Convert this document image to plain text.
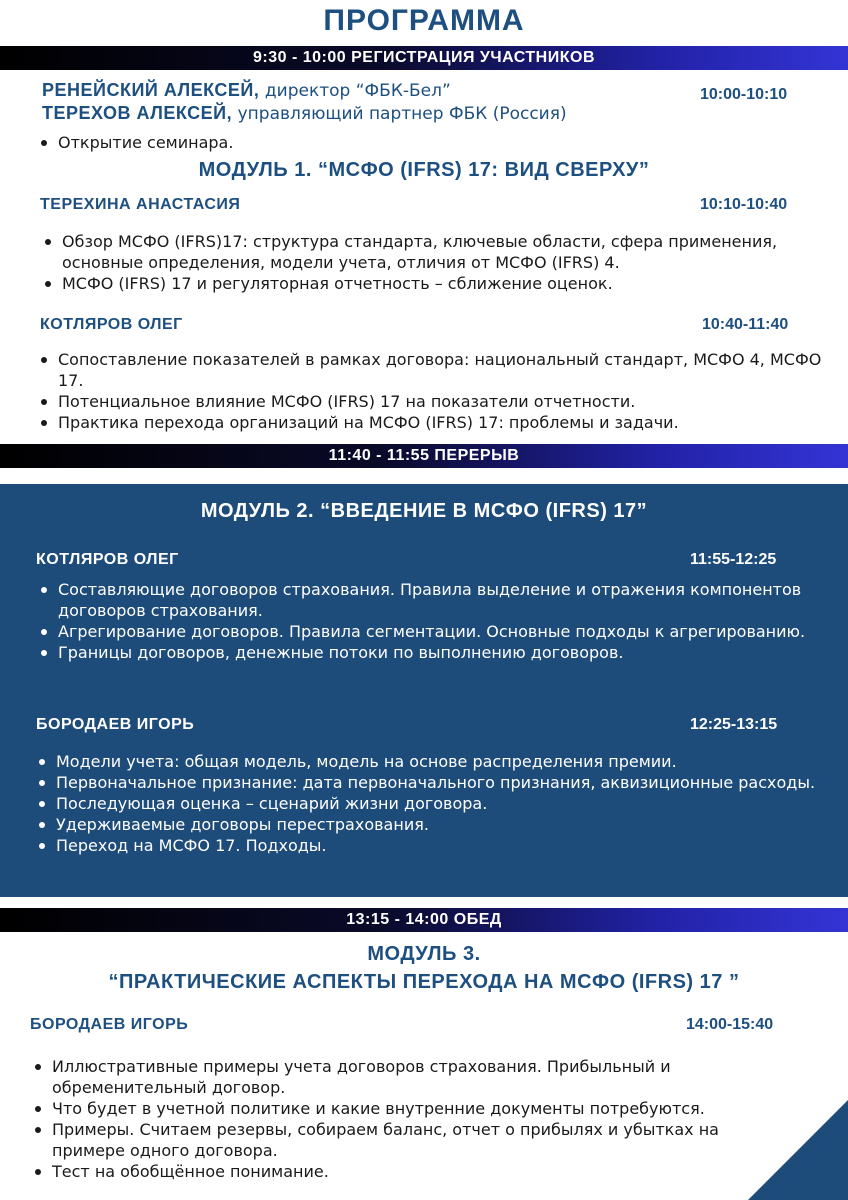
ПРОГРАММА
9:30 - 10:00 РЕГИСТРАЦИЯ УЧАСТНИКОВ
РЕНЕЙСКИЙ АЛЕКСЕЙ, директор “ФБК-Бел”
ТЕРЕХОВ АЛЕКСЕЙ, управляющий партнер ФБК (Россия)
10:00-10:10
Открытие семинара.
МОДУЛЬ 1. “МСФО (IFRS) 17: ВИД СВЕРХУ”
ТЕРЕХИНА АНАСТАСИЯ	10:10-10:40
Обзор МСФО (IFRS)17: структура стандарта, ключевые области, сфера применения, основные определения, модели учета, отличия от МСФО (IFRS) 4.
МСФО (IFRS) 17 и регуляторная отчетность – сближение оценок.
КОТЛЯРОВ ОЛЕГ	10:40-11:40
Сопоставление показателей в рамках договора: национальный стандарт, МСФО 4, МСФО 17.
Потенциальное влияние МСФО (IFRS) 17 на показатели отчетности.
Практика перехода организаций на МСФО (IFRS) 17: проблемы и задачи.
11:40 - 11:55 ПЕРЕРЫВ
МОДУЛЬ 2. “ВВЕДЕНИЕ В МСФО (IFRS) 17”
КОТЛЯРОВ ОЛЕГ	11:55-12:25
Составляющие договоров страхования. Правила выделение и отражения компонентов договоров страхования.
Агрегирование договоров. Правила сегментации. Основные подходы к агрегированию.
Границы договоров, денежные потоки по выполнению договоров.
БОРОДАЕВ ИГОРЬ	12:25-13:15
Модели учета: общая модель, модель на основе распределения премии.
Первоначальное признание: дата первоначального признания, аквизиционные расходы.
Последующая оценка – сценарий жизни договора.
Удерживаемые договоры перестрахования.
Переход на МСФО 17. Подходы.
13:15 - 14:00 ОБЕД
МОДУЛЬ 3.
“ПРАКТИЧЕСКИЕ АСПЕКТЫ ПЕРЕХОДА НА МСФО (IFRS) 17 ”
БОРОДАЕВ ИГОРЬ	14:00-15:40
Иллюстративные примеры учета договоров страхования. Прибыльный и обременительный договор.
Что будет в учетной политике и какие внутренние документы потребуются.
Примеры. Считаем резервы, собираем баланс, отчет о прибылях и убытках на примере одного договора.
Тест на обобщённое понимание.
